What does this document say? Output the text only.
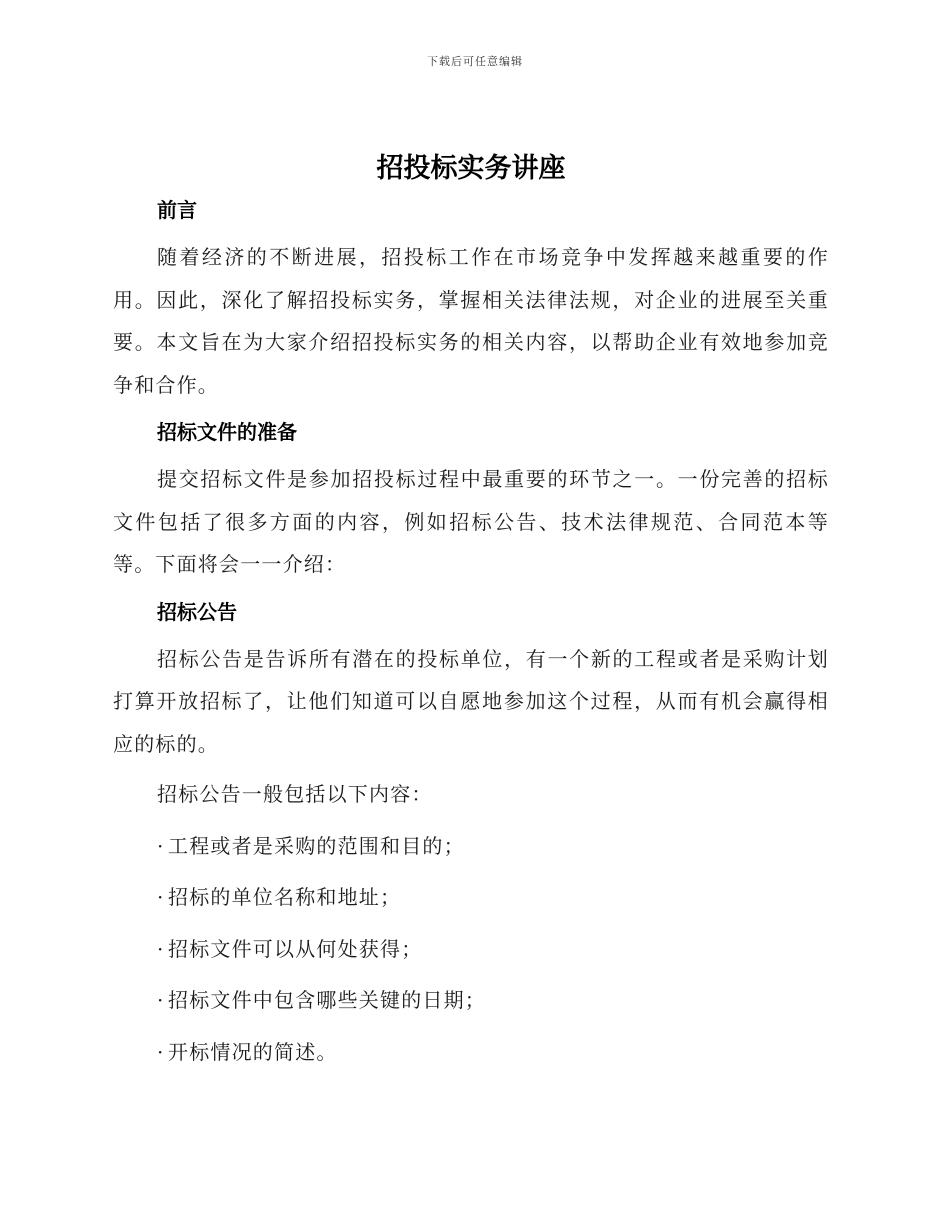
下载后可任意编辑
招投标实务讲座
前言

随着经济的不断进展，招投标工作在市场竞争中发挥越来越重要的作用。因此，深化了解招投标实务，掌握相关法律法规，对企业的进展至关重要。本文旨在为大家介绍招投标实务的相关内容，以帮助企业有效地参加竞争和合作。

招标文件的准备

提交招标文件是参加招投标过程中最重要的环节之一。一份完善的招标文件包括了很多方面的内容，例如招标公告、技术法律规范、合同范本等等。下面将会一一介绍：

招标公告

招标公告是告诉所有潜在的投标单位，有一个新的工程或者是采购计划打算开放招标了，让他们知道可以自愿地参加这个过程，从而有机会赢得相应的标的。

招标公告一般包括以下内容：

· 工程或者是采购的范围和目的；

· 招标的单位名称和地址；

· 招标文件可以从何处获得；

· 招标文件中包含哪些关键的日期；

· 开标情况的简述。
